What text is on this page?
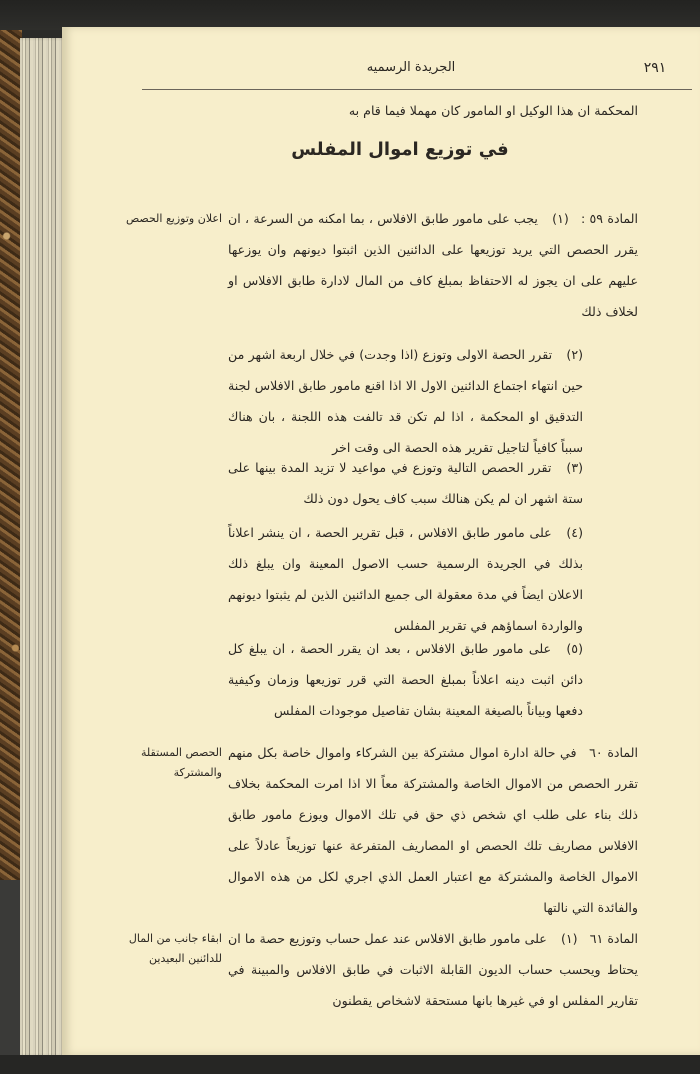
٢٩١
الجريدة الرسميه

المحكمة ان هذا الوكيل او المامور كان مهملا فيما قام به

في توزيع اموال المفلس
اعلان وتوزيع الحصص	المادة ٥٩ : (١) يجب على مامور طابق الافلاس ، بما امكنه من السرعة ، ان يقرر الحصص التي يريد توزيعها على الدائنين الذين اثبتوا ديونهم وان يوزعها عليهم على ان يجوز له الاحتفاظ بمبلغ كاف من المال لادارة طابق الافلاس او لخلاف ذلك

(٢) تقرر الحصة الاولى وتوزع (اذا وجدت) في خلال اربعة اشهر من حين انتهاء اجتماع الدائنين الاول الا اذا اقنع مامور طابق الافلاس لجنة التدقيق او المحكمة ، اذا لم تكن قد تالفت هذه اللجنة ، بان هناك سبباً كافياً لتاجيل تقرير هذه الحصة الى وقت اخر

(٣) تقرر الحصص التالية وتوزع في مواعيد لا تزيد المدة بينها على ستة اشهر ان لم يكن هنالك سبب كاف يحول دون ذلك

(٤) على مامور طابق الافلاس ، قبل تقرير الحصة ، ان ينشر اعلاناً بذلك في الجريدة الرسمية حسب الاصول المعينة وان يبلغ ذلك الاعلان ايضاً في مدة معقولة الى جميع الدائنين الذين لم يثبتوا ديونهم والواردة اسماؤهم في تقرير المفلس

(٥) على مامور طابق الافلاس ، بعد ان يقرر الحصة ، ان يبلغ كل دائن اثبت دينه اعلاناً بمبلغ الحصة التي قرر توزيعها وزمان وكيفية دفعها وبياناً بالصيغة المعينة بشان تفاصيل موجودات المفلس

الحصص المستقلة والمشتركة

المادة ٦٠ في حالة ادارة اموال مشتركة بين الشركاء واموال خاصة بكل منهم تقرر الحصص من الاموال الخاصة والمشتركة معاً الا اذا امرت المحكمة بخلاف ذلك بناء على طلب اي شخص ذي حق في تلك الاموال ويوزع مامور طابق الافلاس مصاريف تلك الحصص او المصاريف المتفرعة عنها توزيعاً عادلاً على الاموال الخاصة والمشتركة مع اعتبار العمل الذي اجري لكل من هذه الاموال والفائدة التي نالتها

ابقاء جانب من المال للدائنين البعيدين

المادة ٦١ (١) على مامور طابق الافلاس عند عمل حساب وتوزيع حصة ما ان يحتاط ويحسب حساب الديون القابلة الاثبات في طابق الافلاس والمبينة في تقارير المفلس او في غيرها بانها مستحقة لاشخاص يقطنون
